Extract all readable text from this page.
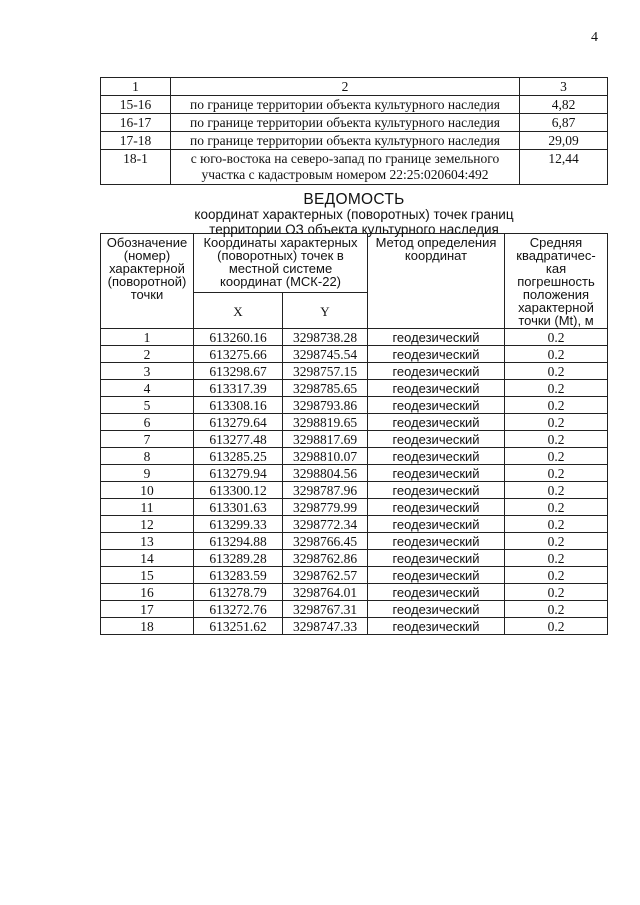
4
1	2	3
15-16	по границе территории объекта культурного наследия	4,82
16-17	по границе территории объекта культурного наследия	6,87
17-18	по границе территории объекта культурного наследия	29,09
18-1	с юго-востока на северо-запад по границе земельного участка с кадастровым номером 22:25:020604:492	12,44
ВЕДОМОСТЬ
координат характерных (поворотных) точек границ
территории ОЗ объекта культурного наследия
Обозначение (номер) характерной (поворотной) точки	Координаты характерных (поворотных) точек в местной системе координат (МСК-22)		Метод определения координат	Средняя квадратичес-кая погрешность положения характерной точки (Mt), м
	X	Y		
1	613260.16	3298738.28	геодезический	0.2
2	613275.66	3298745.54	геодезический	0.2
3	613298.67	3298757.15	геодезический	0.2
4	613317.39	3298785.65	геодезический	0.2
5	613308.16	3298793.86	геодезический	0.2
6	613279.64	3298819.65	геодезический	0.2
7	613277.48	3298817.69	геодезический	0.2
8	613285.25	3298810.07	геодезический	0.2
9	613279.94	3298804.56	геодезический	0.2
10	613300.12	3298787.96	геодезический	0.2
11	613301.63	3298779.99	геодезический	0.2
12	613299.33	3298772.34	геодезический	0.2
13	613294.88	3298766.45	геодезический	0.2
14	613289.28	3298762.86	геодезический	0.2
15	613283.59	3298762.57	геодезический	0.2
16	613278.79	3298764.01	геодезический	0.2
17	613272.76	3298767.31	геодезический	0.2
18	613251.62	3298747.33	геодезический	0.2
